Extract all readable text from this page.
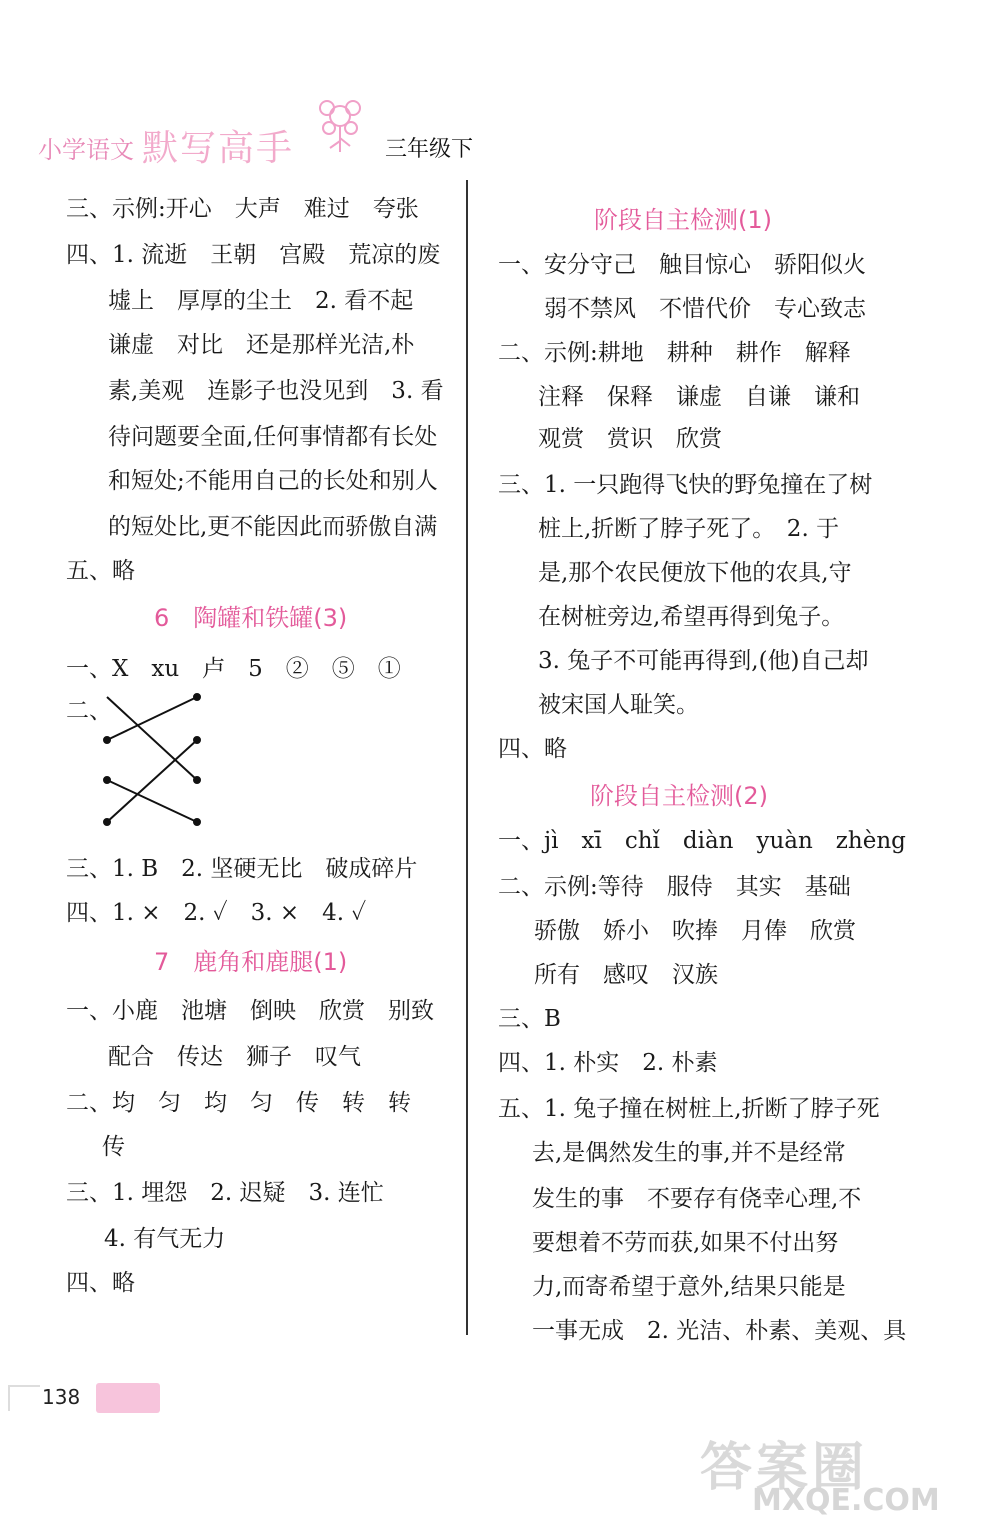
小学语文 默写高手	三年级下
三、示例:开心　大声　难过　夸张
四、1. 流逝　王朝　宫殿　荒凉的废
墟上　厚厚的尘土　2. 看不起
谦虚　对比　还是那样光洁,朴
素,美观　连影子也没见到　3. 看
待问题要全面,任何事情都有长处
和短处;不能用自己的长处和别人
的短处比,更不能因此而骄傲自满
五、略
6　陶罐和铁罐(3)
一、X　xu　卢　5　②　⑤　①
二、
三、1. B　2. 坚硬无比　破成碎片
四、1. ×　2. ✓　3. ×　4. ✓
7　鹿角和鹿腿(1)
一、小鹿　池塘　倒映　欣赏　别致
配合　传达　狮子　叹气
二、均　匀　均　匀　传　转　转
传
三、1. 埋怨　2. 迟疑　3. 连忙
4. 有气无力
四、略
阶段自主检测(1)
一、安分守己　触目惊心　骄阳似火
弱不禁风　不惜代价　专心致志
二、示例:耕地　耕种　耕作　解释
注释　保释　谦虚　自谦　谦和
观赏　赏识　欣赏
三、1. 一只跑得飞快的野兔撞在了树
桩上,折断了脖子死了。　2. 于
是,那个农民便放下他的农具,守
在树桩旁边,希望再得到兔子。
3. 兔子不可能再得到,(他)自己却
被宋国人耻笑。
四、略
阶段自主检测(2)
一、jì　xī　chǐ　diàn　yuàn　zhèng
二、示例:等待　服侍　其实　基础
骄傲　娇小　吹捧　月俸　欣赏
所有　感叹　汉族
三、B
四、1. 朴实　2. 朴素
五、1. 兔子撞在树桩上,折断了脖子死
去,是偶然发生的事,并不是经常
发生的事　不要存有侥幸心理,不
要想着不劳而获,如果不付出努
力,而寄希望于意外,结果只能是
一事无成　2. 光洁、朴素、美观、具
138
答案圈
MXQE.COM
